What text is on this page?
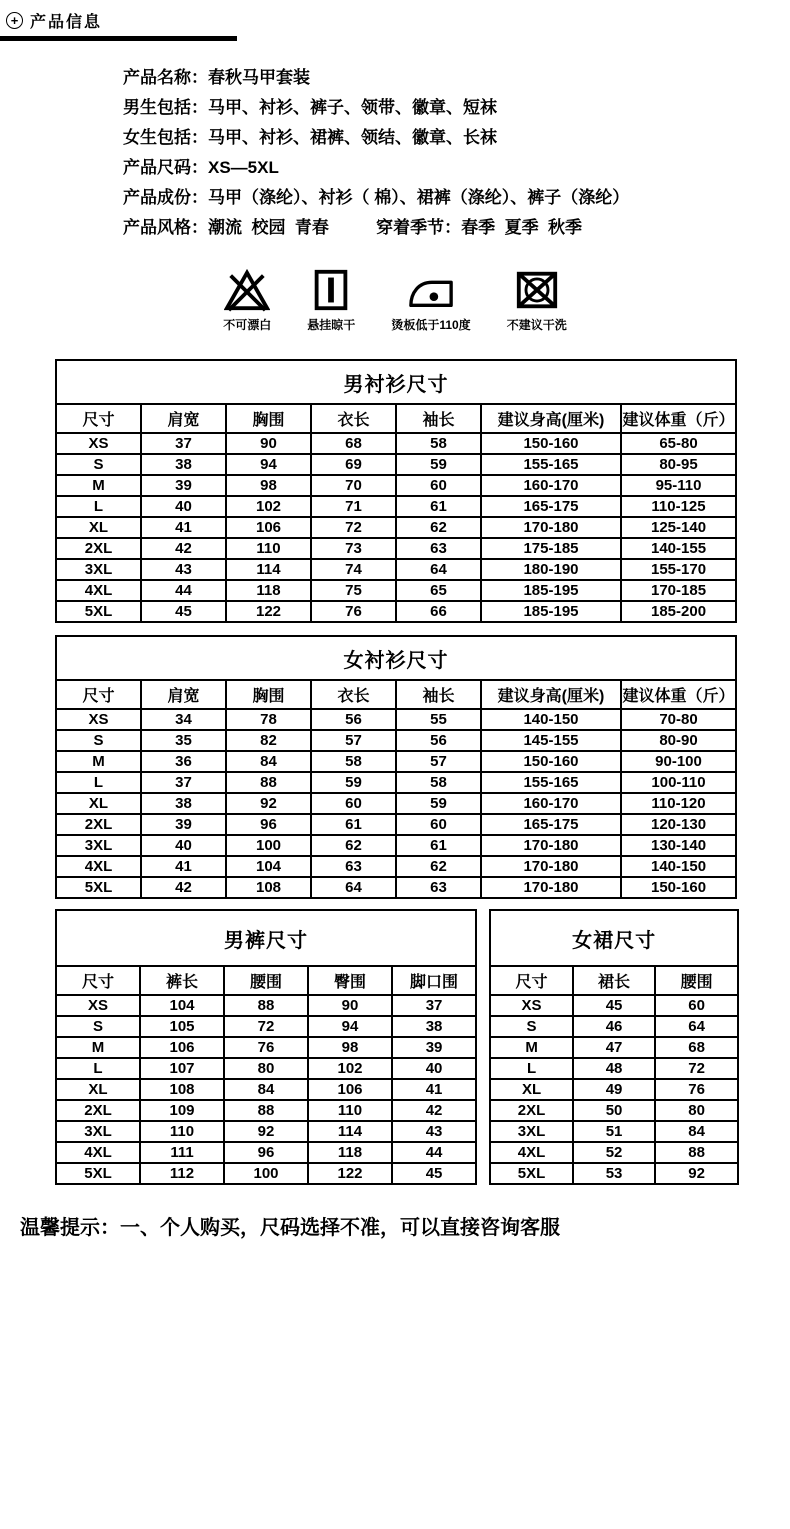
+ 产品信息
产品名称：春秋马甲套装
男生包括：马甲、衬衫、裤子、领带、徽章、短袜
女生包括：马甲、衬衫、裙裤、领结、徽章、长袜
产品尺码：XS—5XL
产品成份：马甲（涤纶）、衬衫（ 棉）、裙裤（涤纶）、裤子（涤纶）
产品风格：潮流  校园  青春          穿着季节：春季  夏季  秋季
不可漂白	悬挂晾干	烫板低于110度	不建议干洗
男衬衫尺寸						
尺寸	肩宽	胸围	衣长	袖长	建议身高(厘米)	建议体重（斤）
XS	37	90	68	58	150-160	65-80
S	38	94	69	59	155-165	80-95
M	39	98	70	60	160-170	95-110
L	40	102	71	61	165-175	110-125
XL	41	106	72	62	170-180	125-140
2XL	42	110	73	63	175-185	140-155
3XL	43	114	74	64	180-190	155-170
4XL	44	118	75	65	185-195	170-185
5XL	45	122	76	66	185-195	185-200
女衬衫尺寸						
尺寸	肩宽	胸围	衣长	袖长	建议身高(厘米)	建议体重（斤）
XS	34	78	56	55	140-150	70-80
S	35	82	57	56	145-155	80-90
M	36	84	58	57	150-160	90-100
L	37	88	59	58	155-165	100-110
XL	38	92	60	59	160-170	110-120
2XL	39	96	61	60	165-175	120-130
3XL	40	100	62	61	170-180	130-140
4XL	41	104	63	62	170-180	140-150
5XL	42	108	64	63	170-180	150-160
男裤尺寸				
尺寸	裤长	腰围	臀围	脚口围
XS	104	88	90	37
S	105	72	94	38
M	106	76	98	39
L	107	80	102	40
XL	108	84	106	41
2XL	109	88	110	42
3XL	110	92	114	43
4XL	111	96	118	44
5XL	112	100	122	45
女裙尺寸		
尺寸	裙长	腰围
XS	45	60
S	46	64
M	47	68
L	48	72
XL	49	76
2XL	50	80
3XL	51	84
4XL	52	88
5XL	53	92

温馨提示：一、个人购买，尺码选择不准，可以直接咨询客服
